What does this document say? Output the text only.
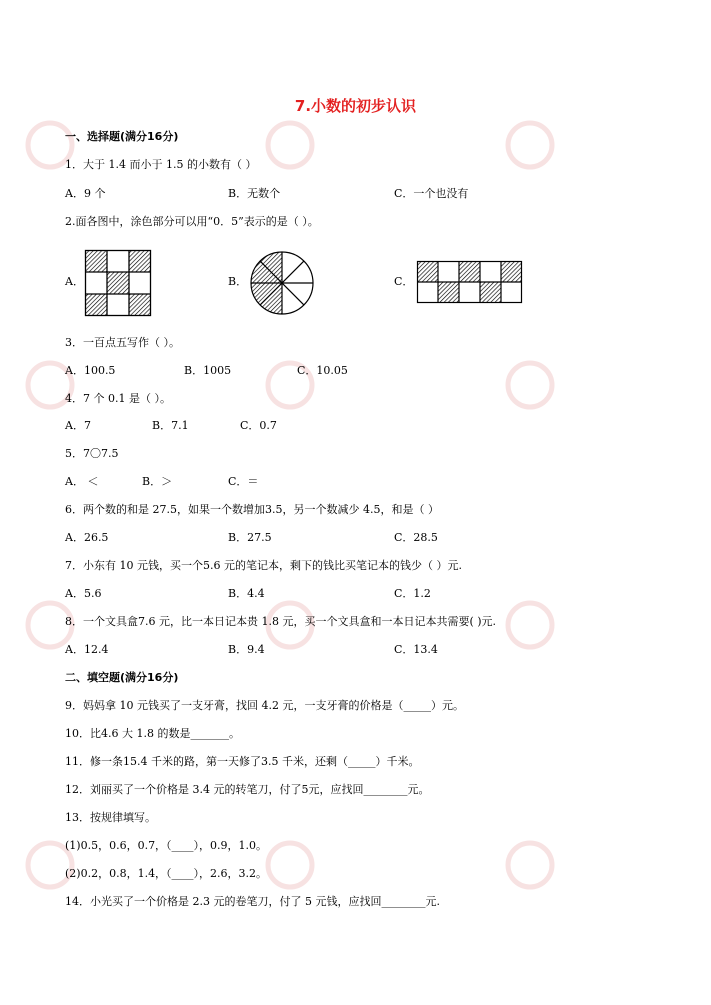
7.小数的初步认识
一、选择题(满分16分)
1．大于 1.4 而小于 1.5 的小数有（ ）
A．9 个	B．无数个	C．一个也没有
2.面各图中，涂色部分可以用“0．5”表示的是（ ）。
A．	B．	C．
3．一百点五写作（ ）。
A．100.5	B．1005	C．10.05
4．7 个 0.1 是（ ）。
A．7	B．7.1	C．0.7
5．7〇7.5
A． ＜	B．＞	C．＝
6．两个数的和是 27.5，如果一个数增加3.5，另一个数减少 4.5，和是（ ）
A．26.5	B．27.5	C．28.5
7．小东有 10 元钱，买一个5.6 元的笔记本，剩下的钱比买笔记本的钱少（ ）元.
A．5.6	B．4.4	C．1.2
8．一个文具盒7.6 元，比一本日记本贵 1.8 元，买一个文具盒和一本日记本共需要( )元.
A．12.4	B．9.4	C．13.4
二、填空题(满分16分)
9．妈妈拿 10 元钱买了一支牙膏，找回 4.2 元，一支牙膏的价格是（_____）元。
10．比4.6 大 1.8 的数是_______。
11．修一条15.4 千米的路，第一天修了3.5 千米，还剩（_____）千米。
12．刘丽买了一个价格是 3.4 元的转笔刀，付了5元，应找回________元。
13．按规律填写。
(1)0.5，0.6，0.7，（____），0.9，1.0。
(2)0.2，0.8，1.4，（____），2.6，3.2。
14．小光买了一个价格是 2.3 元的卷笔刀，付了 5 元钱，应找回________元.
